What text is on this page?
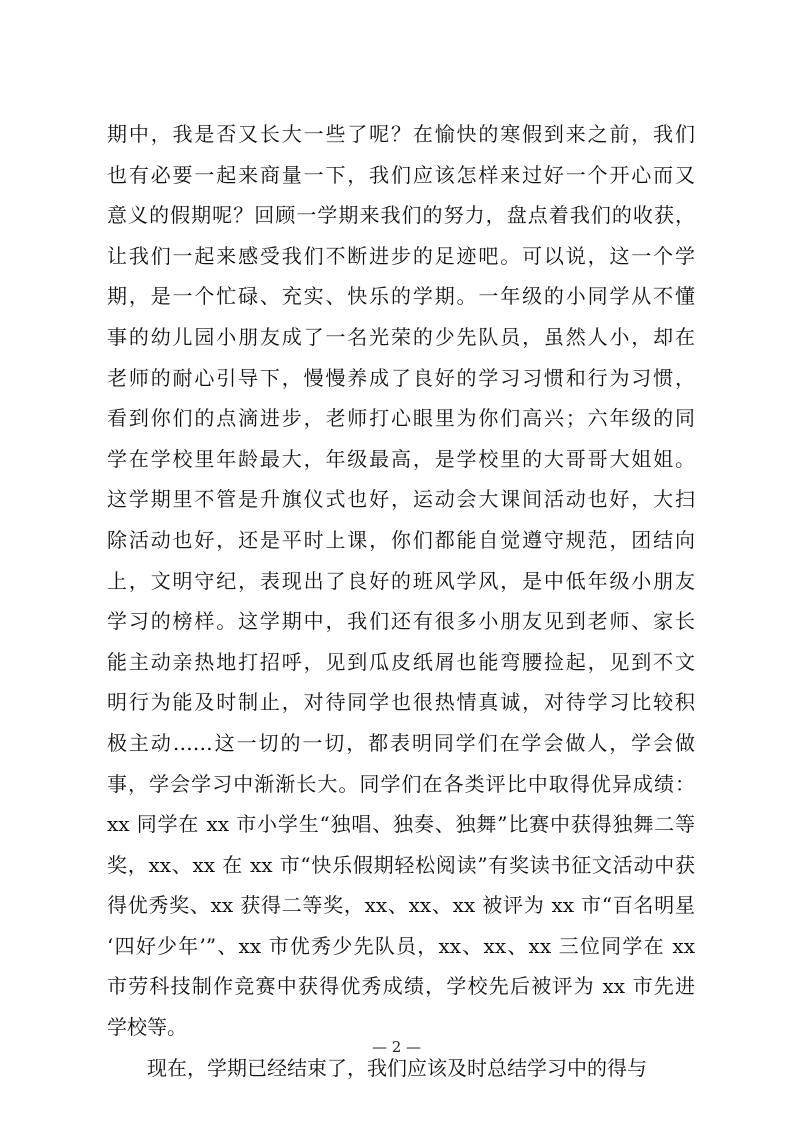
期中，我是否又长大一些了呢？在愉快的寒假到来之前，我们
也有必要一起来商量一下，我们应该怎样来过好一个开心而又
意义的假期呢？回顾一学期来我们的努力，盘点着我们的收获，
让我们一起来感受我们不断进步的足迹吧。可以说，这一个学
期，是一个忙碌、充实、快乐的学期。一年级的小同学从不懂
事的幼儿园小朋友成了一名光荣的少先队员，虽然人小，却在
老师的耐心引导下，慢慢养成了良好的学习习惯和行为习惯，
看到你们的点滴进步，老师打心眼里为你们高兴；六年级的同
学在学校里年龄最大，年级最高，是学校里的大哥哥大姐姐。
这学期里不管是升旗仪式也好，运动会大课间活动也好，大扫
除活动也好，还是平时上课，你们都能自觉遵守规范，团结向
上，文明守纪，表现出了良好的班风学风，是中低年级小朋友
学习的榜样。这学期中，我们还有很多小朋友见到老师、家长
能主动亲热地打招呼，见到瓜皮纸屑也能弯腰捡起，见到不文
明行为能及时制止，对待同学也很热情真诚，对待学习比较积
极主动……这一切的一切，都表明同学们在学会做人，学会做
事，学会学习中渐渐长大。同学们在各类评比中取得优异成绩：
xx 同学在 xx 市小学生“独唱、独奏、独舞”比赛中获得独舞二等
奖，xx、xx 在 xx 市“快乐假期轻松阅读”有奖读书征文活动中获
得优秀奖、xx 获得二等奖，xx、xx、xx 被评为 xx 市“百名明星
‘四好少年’”、xx 市优秀少先队员，xx、xx、xx 三位同学在 xx
市劳科技制作竞赛中获得优秀成绩，学校先后被评为 xx 市先进
学校等。
现在，学期已经结束了，我们应该及时总结学习中的得与
— 2 —
